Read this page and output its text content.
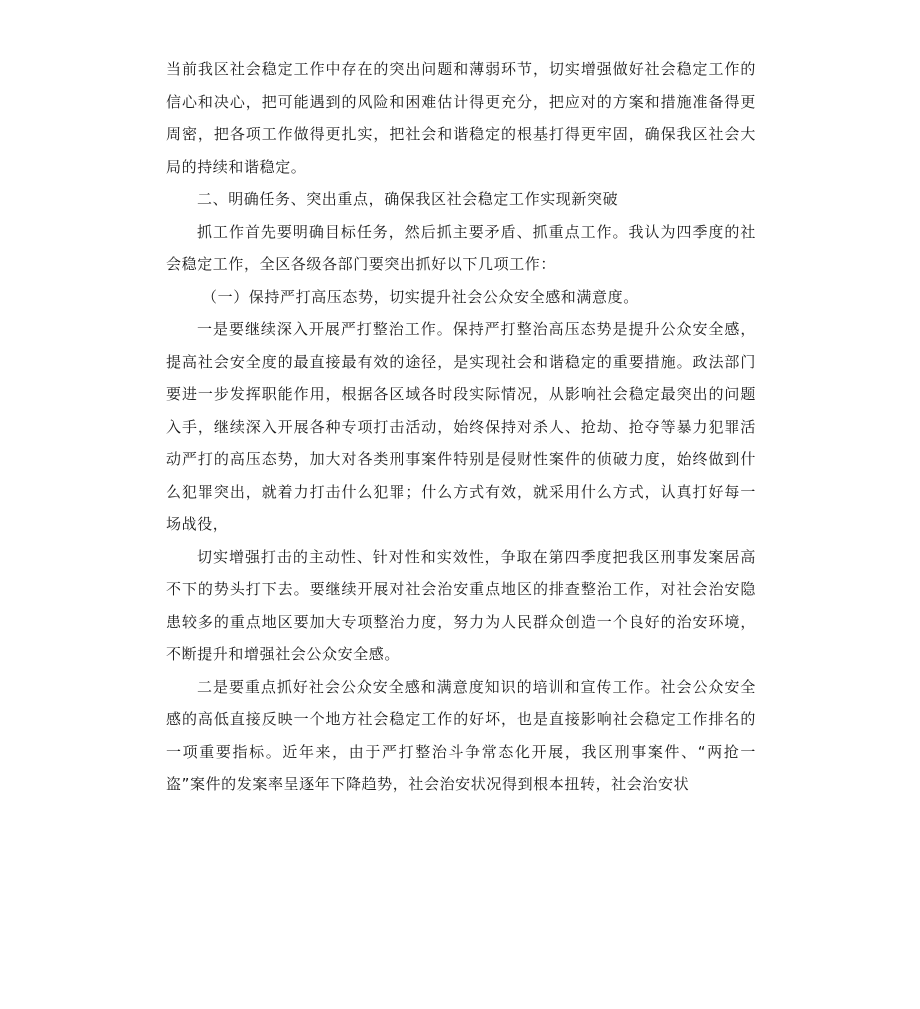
当前我区社会稳定工作中存在的突出问题和薄弱环节，切实增强做好社会稳定工作的信心和决心，把可能遇到的风险和困难估计得更充分，把应对的方案和措施准备得更周密，把各项工作做得更扎实，把社会和谐稳定的根基打得更牢固，确保我区社会大局的持续和谐稳定。

二、明确任务、突出重点，确保我区社会稳定工作实现新突破

抓工作首先要明确目标任务，然后抓主要矛盾、抓重点工作。我认为四季度的社会稳定工作，全区各级各部门要突出抓好以下几项工作：

（一）保持严打高压态势，切实提升社会公众安全感和满意度。

一是要继续深入开展严打整治工作。保持严打整治高压态势是提升公众安全感，提高社会安全度的最直接最有效的途径，是实现社会和谐稳定的重要措施。政法部门要进一步发挥职能作用，根据各区域各时段实际情况，从影响社会稳定最突出的问题入手，继续深入开展各种专项打击活动，始终保持对杀人、抢劫、抢夺等暴力犯罪活动严打的高压态势，加大对各类刑事案件特别是侵财性案件的侦破力度，始终做到什么犯罪突出，就着力打击什么犯罪；什么方式有效，就采用什么方式，认真打好每一场战役，

切实增强打击的主动性、针对性和实效性，争取在第四季度把我区刑事发案居高不下的势头打下去。要继续开展对社会治安重点地区的排查整治工作，对社会治安隐患较多的重点地区要加大专项整治力度，努力为人民群众创造一个良好的治安环境，不断提升和增强社会公众安全感。

二是要重点抓好社会公众安全感和满意度知识的培训和宣传工作。社会公众安全感的高低直接反映一个地方社会稳定工作的好坏，也是直接影响社会稳定工作排名的一项重要指标。近年来，由于严打整治斗争常态化开展，我区刑事案件、“两抢一盗”案件的发案率呈逐年下降趋势，社会治安状况得到根本扭转，社会治安状
